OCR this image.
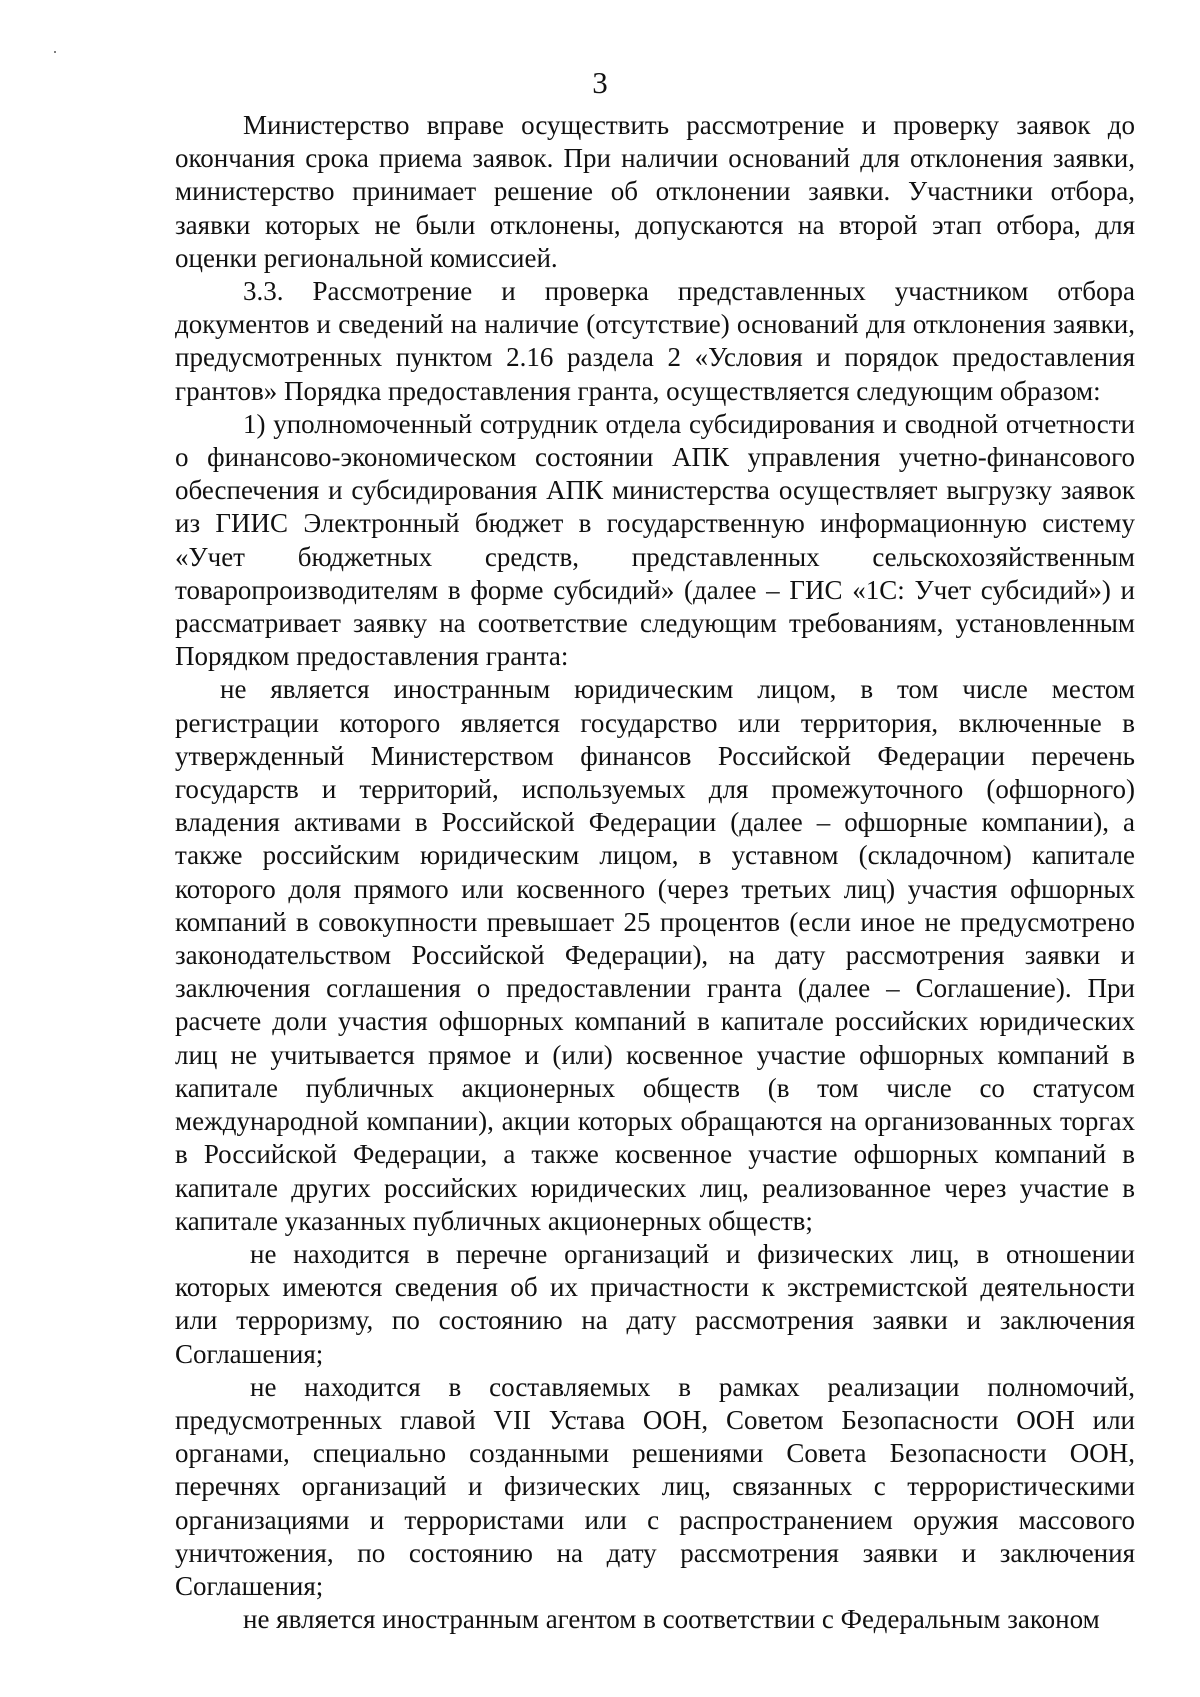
3

Министерство вправе осуществить рассмотрение и проверку заявок до окончания срока приема заявок. При наличии оснований для отклонения заявки, министерство принимает решение об отклонении заявки. Участники отбора, заявки которых не были отклонены, допускаются на второй этап отбора, для оценки региональной комиссией.

3.3. Рассмотрение и проверка представленных участником отбора документов и сведений на наличие (отсутствие) оснований для отклонения заявки, предусмотренных пунктом 2.16 раздела 2 «Условия и порядок предоставления грантов» Порядка предоставления гранта, осуществляется следующим образом:

1) уполномоченный сотрудник отдела субсидирования и сводной отчетности о финансово-экономическом состоянии АПК управления учетно-финансового обеспечения и субсидирования АПК министерства осуществляет выгрузку заявок из ГИИС Электронный бюджет в государственную информационную систему «Учет бюджетных средств, представленных сельскохозяйственным товаропроизводителям в форме субсидий» (далее – ГИС «1С: Учет субсидий») и рассматривает заявку на соответствие следующим требованиям, установленным Порядком предоставления гранта:

не является иностранным юридическим лицом, в том числе местом регистрации которого является государство или территория, включенные в утвержденный Министерством финансов Российской Федерации перечень государств и территорий, используемых для промежуточного (офшорного) владения активами в Российской Федерации (далее – офшорные компании), а также российским юридическим лицом, в уставном (складочном) капитале которого доля прямого или косвенного (через третьих лиц) участия офшорных компаний в совокупности превышает 25 процентов (если иное не предусмотрено законодательством Российской Федерации), на дату рассмотрения заявки и заключения соглашения о предоставлении гранта (далее – Соглашение). При расчете доли участия офшорных компаний в капитале российских юридических лиц не учитывается прямое и (или) косвенное участие офшорных компаний в капитале публичных акционерных обществ (в том числе со статусом международной компании), акции которых обращаются на организованных торгах в Российской Федерации, а также косвенное участие офшорных компаний в капитале других российских юридических лиц, реализованное через участие в капитале указанных публичных акционерных обществ;

не находится в перечне организаций и физических лиц, в отношении которых имеются сведения об их причастности к экстремистской деятельности или терроризму, по состоянию на дату рассмотрения заявки и заключения Соглашения;

не находится в составляемых в рамках реализации полномочий, предусмотренных главой VII Устава ООН, Советом Безопасности ООН или органами, специально созданными решениями Совета Безопасности ООН, перечнях организаций и физических лиц, связанных с террористическими организациями и террористами или с распространением оружия массового уничтожения, по состоянию на дату рассмотрения заявки и заключения Соглашения;

не является иностранным агентом в соответствии с Федеральным законом
